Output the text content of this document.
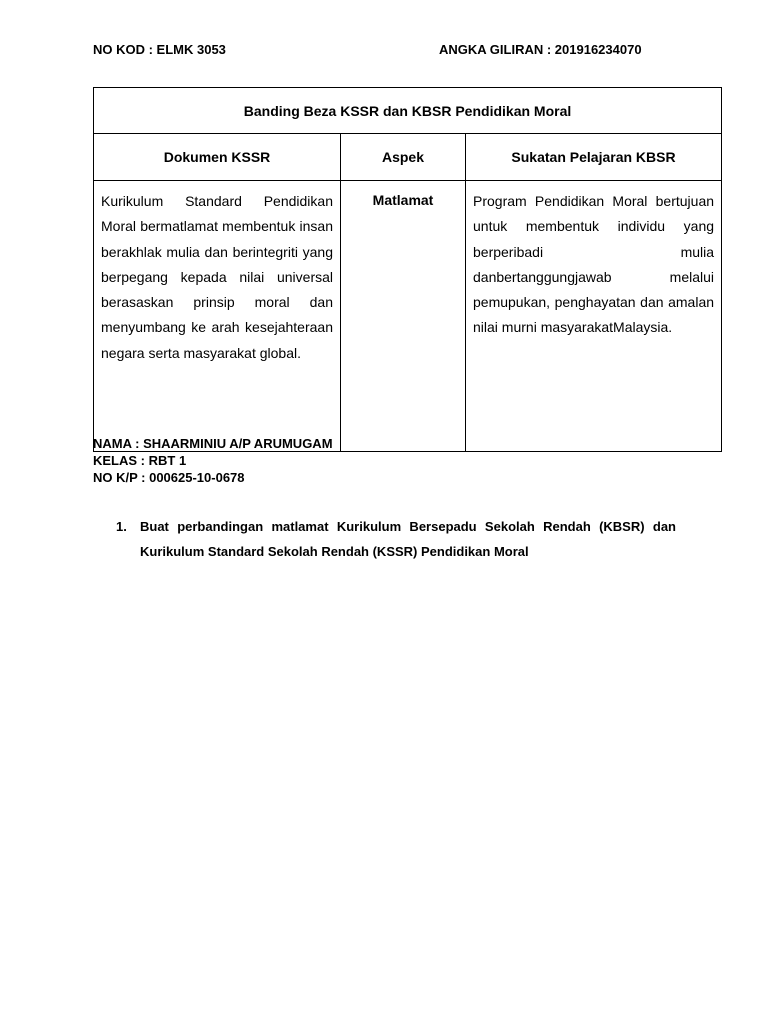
NO KOD : ELMK 3053	ANGKA GILIRAN : 201916234070
Banding Beza KSSR dan KBSR Pendidikan Moral		
Dokumen KSSR	Aspek	Sukatan Pelajaran KBSR

Kurikulum Standard Pendidikan Moral bermatlamat membentuk insan berakhlak mulia dan berintegriti yang berpegang kepada nilai universal berasaskan prinsip moral dan menyumbang ke arah kesejahteraan negara serta masyarakat global.	Matlamat	Program Pendidikan Moral bertujuan untuk membentuk individu yang berperibadi mulia danbertanggungjawab melalui pemupukan, penghayatan dan amalan nilai murni masyarakatMalaysia.
NAMA : SHAARMINIU A/P ARUMUGAM
KELAS : RBT 1
NO K/P : 000625-10-0678
1.	Buat perbandingan matlamat Kurikulum Bersepadu Sekolah Rendah (KBSR) dan Kurikulum Standard Sekolah Rendah (KSSR) Pendidikan Moral
